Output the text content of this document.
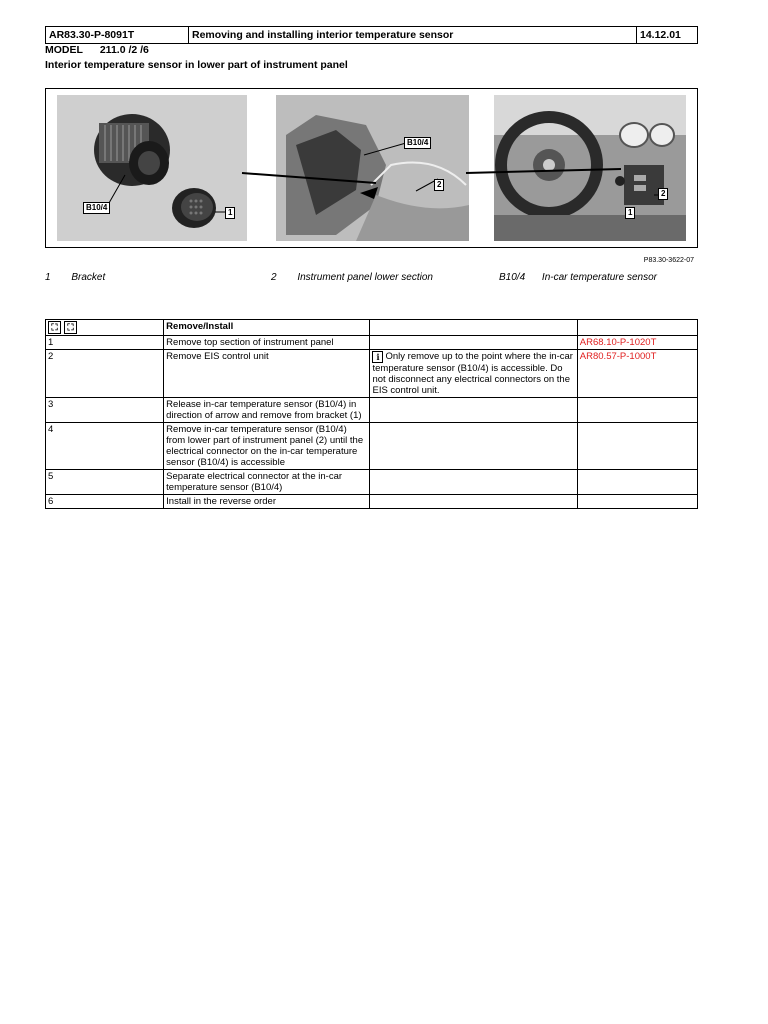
AR83.30-P-8091T	Removing and installing interior temperature sensor	14.12.01
MODEL 211.0 /2 /6
Interior temperature sensor in lower part of instrument panel
B10/4
1
B10/4
2
2
1
P83.30-3622-07
1 Bracket	2 Instrument panel lower section	B10/4 In-car temperature sensor
⛶ ⛶	Remove/Install		
1	Remove top section of instrument panel		AR68.10-P-1020T
2	Remove EIS control unit	i Only remove up to the point where the in-car temperature sensor (B10/4) is accessible. Do not disconnect any electrical connectors on the EIS control unit.	AR80.57-P-1000T
3	Release in-car temperature sensor (B10/4) in direction of arrow and remove from bracket (1)		
4	Remove in-car temperature sensor (B10/4) from lower part of instrument panel (2) until the electrical connector on the in-car temperature sensor (B10/4) is accessible		
5	Separate electrical connector at the in-car temperature sensor (B10/4)		
6	Install in the reverse order		
